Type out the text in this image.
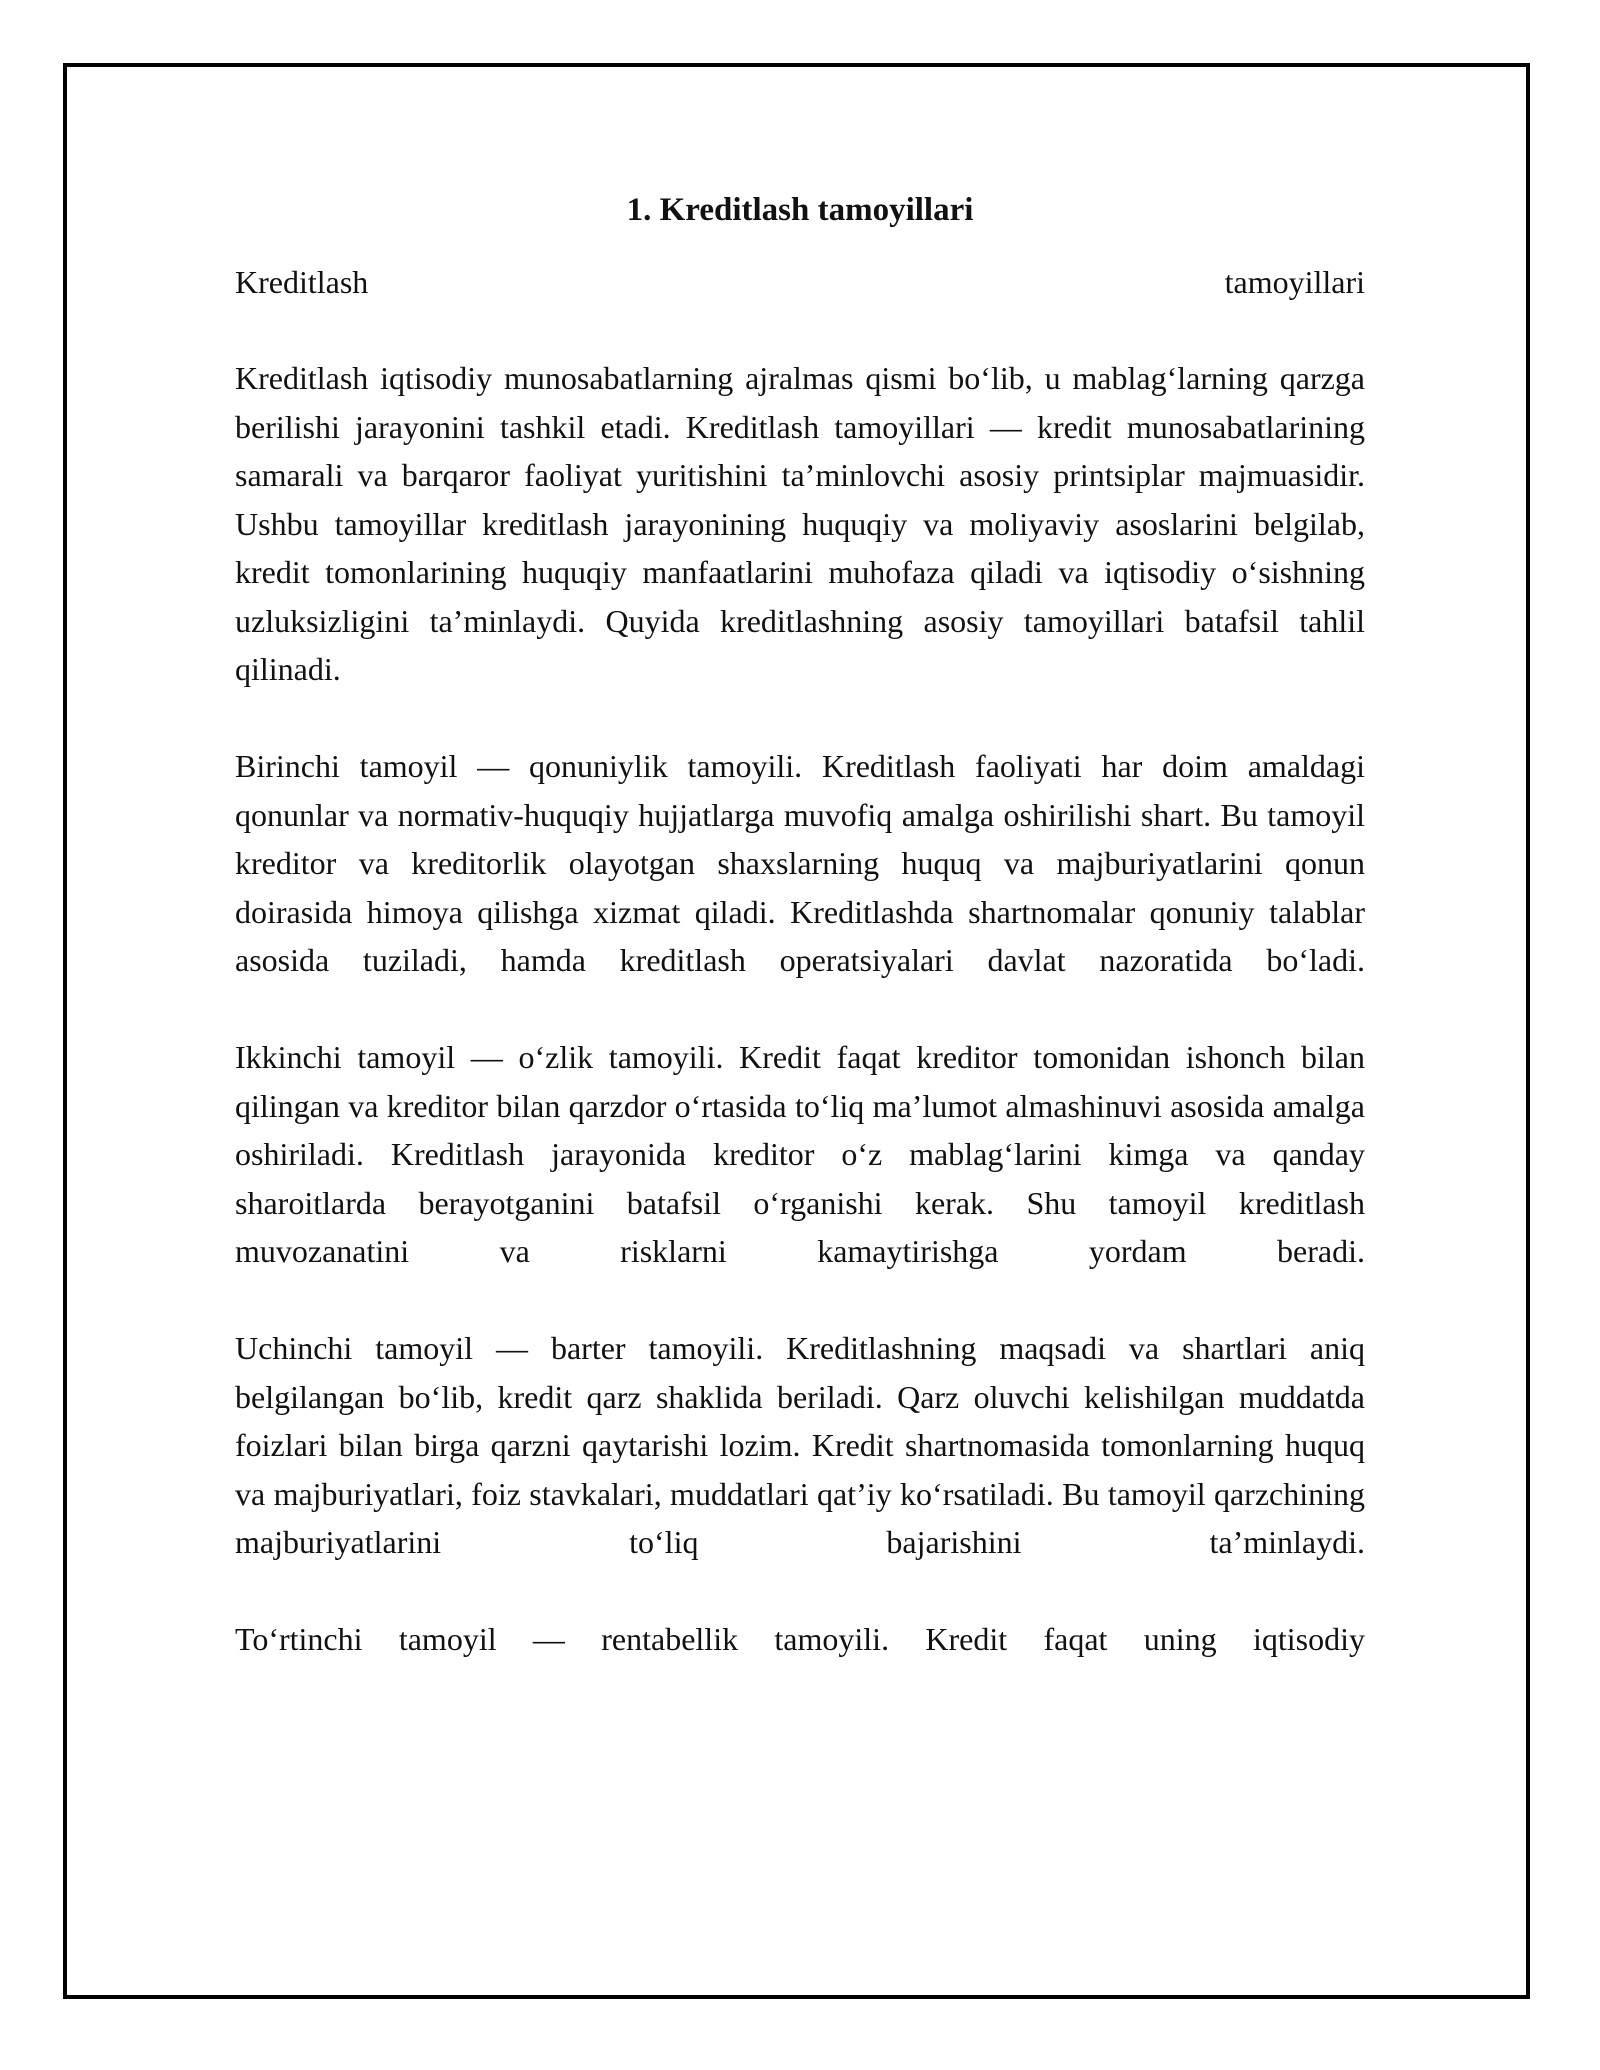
1. Kreditlash tamoyillari

Kreditlash tamoyillari

Kreditlash iqtisodiy munosabatlarning ajralmas qismi bo‘lib, u mablag‘larning qarzga berilishi jarayonini tashkil etadi. Kreditlash tamoyillari — kredit munosabatlarining samarali va barqaror faoliyat yuritishini ta’minlovchi asosiy printsiplar majmuasidir. Ushbu tamoyillar kreditlash jarayonining huquqiy va moliyaviy asoslarini belgilab, kredit tomonlarining huquqiy manfaatlarini muhofaza qiladi va iqtisodiy o‘sishning uzluksizligini ta’minlaydi. Quyida kreditlashning asosiy tamoyillari batafsil tahlil qilinadi.

Birinchi tamoyil — qonuniylik tamoyili. Kreditlash faoliyati har doim amaldagi qonunlar va normativ-huquqiy hujjatlarga muvofiq amalga oshirilishi shart. Bu tamoyil kreditor va kreditorlik olayotgan shaxslarning huquq va majburiyatlarini qonun doirasida himoya qilishga xizmat qiladi. Kreditlashda shartnomalar qonuniy talablar asosida tuziladi, hamda kreditlash operatsiyalari davlat nazoratida bo‘ladi.

Ikkinchi tamoyil — o‘zlik tamoyili. Kredit faqat kreditor tomonidan ishonch bilan qilingan va kreditor bilan qarzdor o‘rtasida to‘liq ma’lumot almashinuvi asosida amalga oshiriladi. Kreditlash jarayonida kreditor o‘z mablag‘larini kimga va qanday sharoitlarda berayotganini batafsil o‘rganishi kerak. Shu tamoyil kreditlash muvozanatini va risklarni kamaytirishga yordam beradi.

Uchinchi tamoyil — barter tamoyili. Kreditlashning maqsadi va shartlari aniq belgilangan bo‘lib, kredit qarz shaklida beriladi. Qarz oluvchi kelishilgan muddatda foizlari bilan birga qarzni qaytarishi lozim. Kredit shartnomasida tomonlarning huquq va majburiyatlari, foiz stavkalari, muddatlari qat’iy ko‘rsatiladi. Bu tamoyil qarzchining majburiyatlarini to‘liq bajarishini ta’minlaydi.

To‘rtinchi tamoyil — rentabellik tamoyili. Kredit faqat uning iqtisodiy
